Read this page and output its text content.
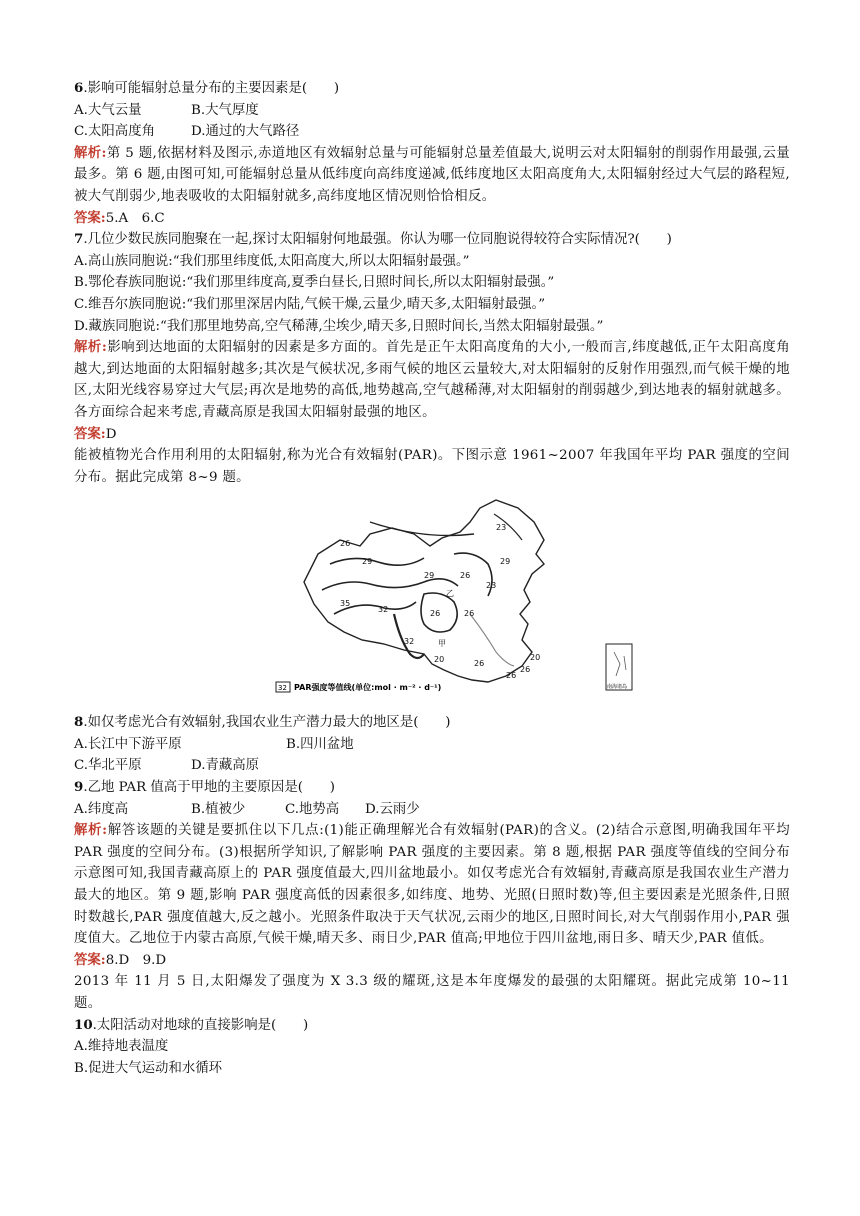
6.影响可能辐射总量分布的主要因素是(　　)
A.大气云量	B.大气厚度
C.太阳高度角	D.通过的大气路径
解析:第 5 题,依据材料及图示,赤道地区有效辐射总量与可能辐射总量差值最大,说明云对太阳辐射的削弱作用最强,云量最多。第 6 题,由图可知,可能辐射总量从低纬度向高纬度递减,低纬度地区太阳高度角大,太阳辐射经过大气层的路程短,被大气削弱少,地表吸收的太阳辐射就多,高纬度地区情况则恰恰相反。
答案:5.A　6.C
7.几位少数民族同胞聚在一起,探讨太阳辐射何地最强。你认为哪一位同胞说得较符合实际情况?(　　)
A.高山族同胞说:“我们那里纬度低,太阳高度大,所以太阳辐射最强。”
B.鄂伦春族同胞说:“我们那里纬度高,夏季白昼长,日照时间长,所以太阳辐射最强。”
C.维吾尔族同胞说:“我们那里深居内陆,气候干燥,云量少,晴天多,太阳辐射最强。”
D.藏族同胞说:“我们那里地势高,空气稀薄,尘埃少,晴天多,日照时间长,当然太阳辐射最强。”
解析:影响到达地面的太阳辐射的因素是多方面的。首先是正午太阳高度角的大小,一般而言,纬度越低,正午太阳高度角越大,到达地面的太阳辐射越多;其次是气候状况,多雨气候的地区云量较大,对太阳辐射的反射作用强烈,而气候干燥的地区,太阳光线容易穿过大气层;再次是地势的高低,地势越高,空气越稀薄,对太阳辐射的削弱越少,到达地表的辐射就越多。各方面综合起来考虑,青藏高原是我国太阳辐射最强的地区。
答案:D
能被植物光合作用利用的太阳辐射,称为光合有效辐射(PAR)。下图示意 1961~2007 年我国年平均 PAR 强度的空间分布。据此完成第 8~9 题。
23
26
29
35
32
29	26
26
23
26
29
20
甲
乙
26
26
32
26
20
32 PAR强度等值线(单位:mol · m⁻² · d⁻¹)	南海诸岛
8.如仅考虑光合有效辐射,我国农业生产潜力最大的地区是(　　)
A.长江中下游平原	B.四川盆地
C.华北平原	D.青藏高原
9.乙地 PAR 值高于甲地的主要原因是(　　)
A.纬度高	B.植被少	C.地势高 D.云雨少
解析:解答该题的关键是要抓住以下几点:(1)能正确理解光合有效辐射(PAR)的含义。(2)结合示意图,明确我国年平均 PAR 强度的空间分布。(3)根据所学知识,了解影响 PAR 强度的主要因素。第 8 题,根据 PAR 强度等值线的空间分布示意图可知,我国青藏高原上的 PAR 强度值最大,四川盆地最小。如仅考虑光合有效辐射,青藏高原是我国农业生产潜力最大的地区。第 9 题,影响 PAR 强度高低的因素很多,如纬度、地势、光照(日照时数)等,但主要因素是光照条件,日照时数越长,PAR 强度值越大,反之越小。光照条件取决于天气状况,云雨少的地区,日照时间长,对大气削弱作用小,PAR 强度值大。乙地位于内蒙古高原,气候干燥,晴天多、雨日少,PAR 值高;甲地位于四川盆地,雨日多、晴天少,PAR 值低。
答案:8.D　9.D
2013 年 11 月 5 日,太阳爆发了强度为 X 3.3 级的耀斑,这是本年度爆发的最强的太阳耀斑。据此完成第 10~11 题。
10.太阳活动对地球的直接影响是(　　)
A.维持地表温度
B.促进大气运动和水循环
